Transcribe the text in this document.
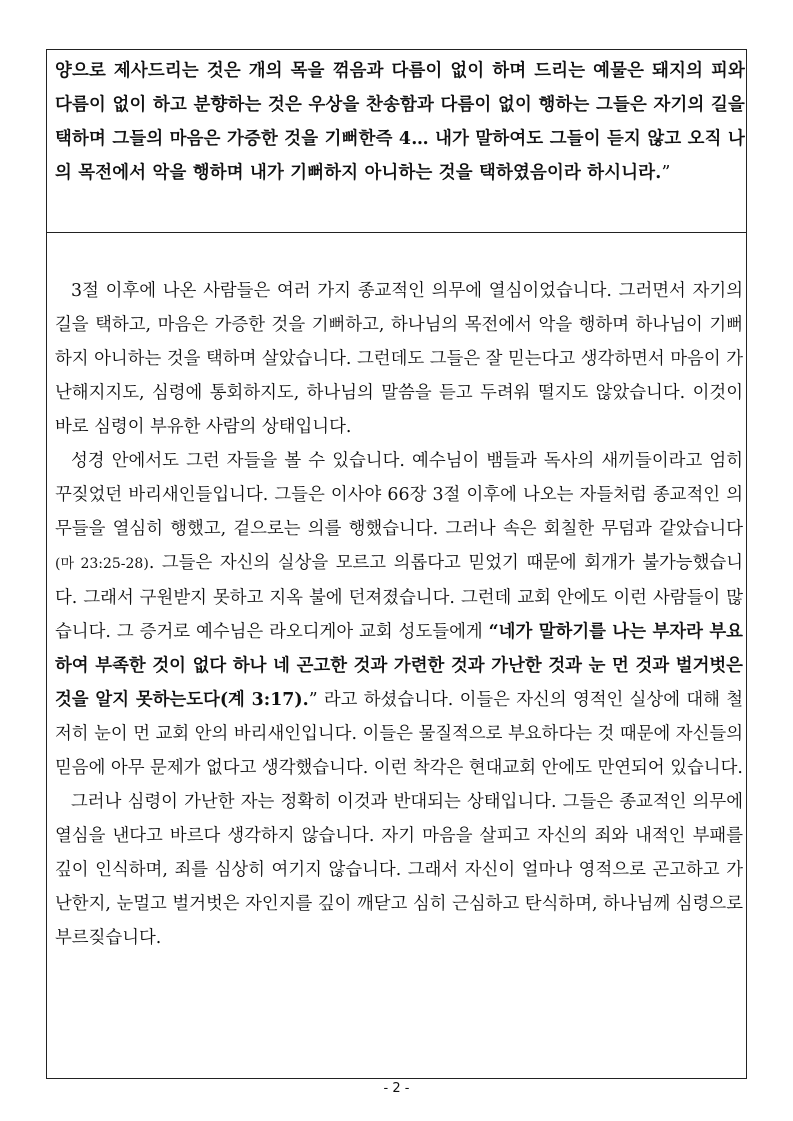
양으로 제사드리는 것은 개의 목을 꺾음과 다름이 없이 하며 드리는 예물은 돼지의 피와 다름이 없이 하고 분향하는 것은 우상을 찬송함과 다름이 없이 행하는 그들은 자기의 길을 택하며 그들의 마음은 가증한 것을 기뻐한즉 4… 내가 말하여도 그들이 듣지 않고 오직 나의 목전에서 악을 행하며 내가 기뻐하지 아니하는 것을 택하였음이라 하시니라.”

3절 이후에 나온 사람들은 여러 가지 종교적인 의무에 열심이었습니다. 그러면서 자기의 길을 택하고, 마음은 가증한 것을 기뻐하고, 하나님의 목전에서 악을 행하며 하나님이 기뻐하지 아니하는 것을 택하며 살았습니다. 그런데도 그들은 잘 믿는다고 생각하면서 마음이 가난해지지도, 심령에 통회하지도, 하나님의 말씀을 듣고 두려워 떨지도 않았습니다. 이것이 바로 심령이 부유한 사람의 상태입니다.

성경 안에서도 그런 자들을 볼 수 있습니다. 예수님이 뱀들과 독사의 새끼들이라고 엄히 꾸짖었던 바리새인들입니다. 그들은 이사야 66장 3절 이후에 나오는 자들처럼 종교적인 의무들을 열심히 행했고, 겉으로는 의를 행했습니다. 그러나 속은 회칠한 무덤과 같았습니다(마 23:25-28). 그들은 자신의 실상을 모르고 의롭다고 믿었기 때문에 회개가 불가능했습니다. 그래서 구원받지 못하고 지옥 불에 던져졌습니다. 그런데 교회 안에도 이런 사람들이 많습니다. 그 증거로 예수님은 라오디게아 교회 성도들에게 “네가 말하기를 나는 부자라 부요하여 부족한 것이 없다 하나 네 곤고한 것과 가련한 것과 가난한 것과 눈 먼 것과 벌거벗은 것을 알지 못하는도다(계 3:17).” 라고 하셨습니다. 이들은 자신의 영적인 실상에 대해 철저히 눈이 먼 교회 안의 바리새인입니다. 이들은 물질적으로 부요하다는 것 때문에 자신들의 믿음에 아무 문제가 없다고 생각했습니다. 이런 착각은 현대교회 안에도 만연되어 있습니다.

그러나 심령이 가난한 자는 정확히 이것과 반대되는 상태입니다. 그들은 종교적인 의무에 열심을 낸다고 바르다 생각하지 않습니다. 자기 마음을 살피고 자신의 죄와 내적인 부패를 깊이 인식하며, 죄를 심상히 여기지 않습니다. 그래서 자신이 얼마나 영적으로 곤고하고 가난한지, 눈멀고 벌거벗은 자인지를 깊이 깨닫고 심히 근심하고 탄식하며, 하나님께 심령으로 부르짖습니다.

- 2 -
